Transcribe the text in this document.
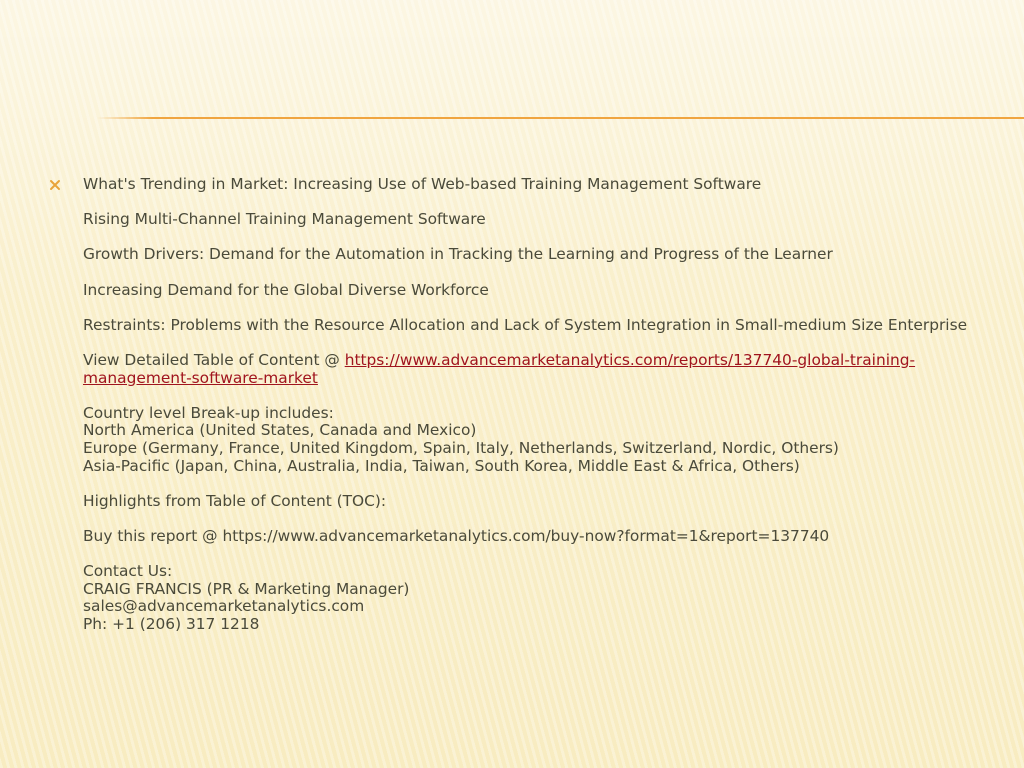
What's Trending in Market: Increasing Use of Web-based Training Management Software

Rising Multi-Channel Training Management Software

Growth Drivers: Demand for the Automation in Tracking the Learning and Progress of the Learner

Increasing Demand for the Global Diverse Workforce

Restraints: Problems with the Resource Allocation and Lack of System Integration in Small-medium Size Enterprise

View Detailed Table of Content @ https://www.advancemarketanalytics.com/reports/137740-global-training-management-software-market

Country level Break-up includes:
North America (United States, Canada and Mexico)
Europe (Germany, France, United Kingdom, Spain, Italy, Netherlands, Switzerland, Nordic, Others)
Asia-Pacific (Japan, China, Australia, India, Taiwan, South Korea, Middle East & Africa, Others)

Highlights from Table of Content (TOC):

Buy this report @ https://www.advancemarketanalytics.com/buy-now?format=1&report=137740

Contact Us:
CRAIG FRANCIS (PR & Marketing Manager)
sales@advancemarketanalytics.com
Ph: +1 (206) 317 1218
